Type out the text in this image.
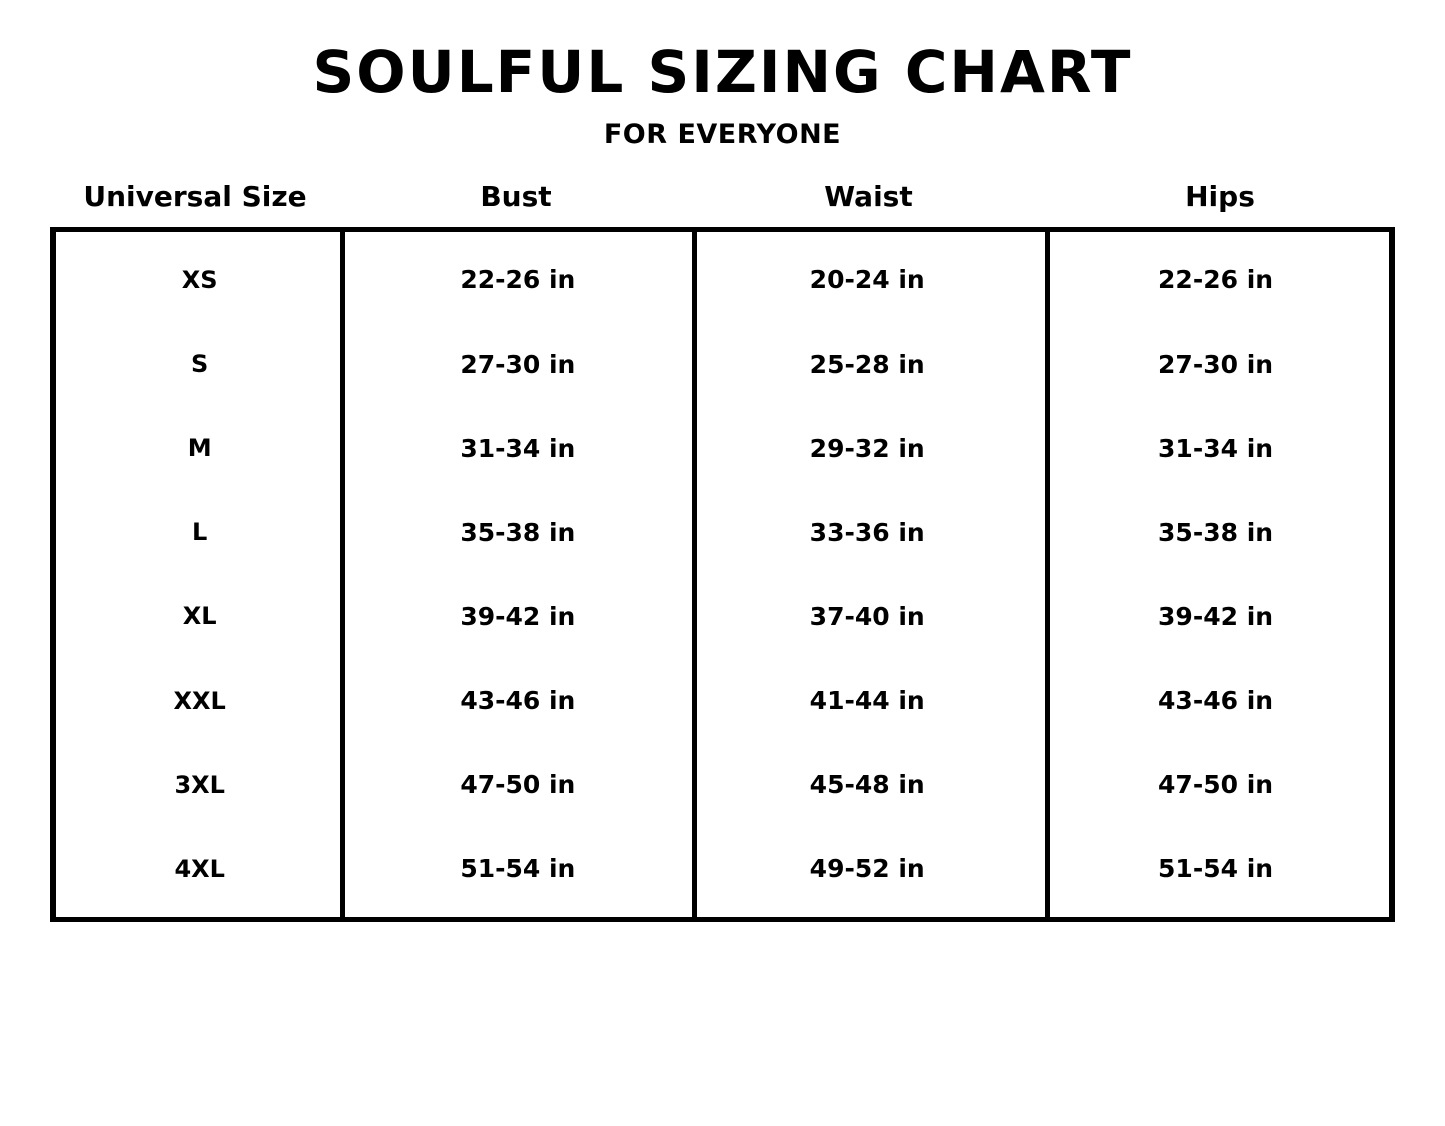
SOULFUL SIZING CHART
FOR EVERYONE
Universal Size	Bust	Waist	Hips
XS	22-26 in	20-24 in	22-26 in
S	27-30 in	25-28 in	27-30 in
M	31-34 in	29-32 in	31-34 in
L	35-38 in	33-36 in	35-38 in
XL	39-42 in	37-40 in	39-42 in
XXL	43-46 in	41-44 in	43-46 in
3XL	47-50 in	45-48 in	47-50 in
4XL	51-54 in	49-52 in	51-54 in
